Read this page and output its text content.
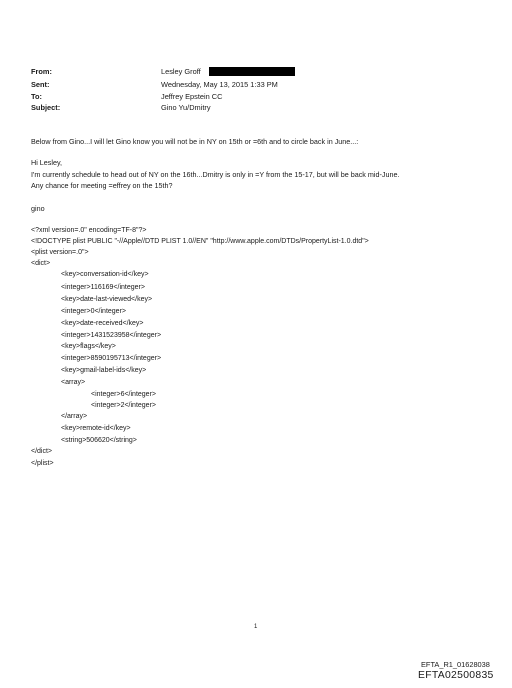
From:	Lesley Groff
Sent:	Wednesday, May 13, 2015 1:33 PM
To:	Jeffrey Epstein CC
Subject:	Gino Yu/Dmitry
Below from Gino...I will let Gino know you will not be in NY on 15th or =6th and to circle back in June...:
Hi Lesley,
I'm currently schedule to head out of NY on the 16th...Dmitry is only in =Y from the 15-17, but will be back mid-June.
Any chance for meeting =effrey on the 15th?
gino
<?xml version=.0" encoding=TF-8"?>
<!DOCTYPE plist PUBLIC "-//Apple//DTD PLIST 1.0//EN" "http://www.apple.com/DTDs/PropertyList-1.0.dtd">
<plist version=.0">
<dict>
<key>conversation-id</key>
<integer>116169</integer>
<key>date-last-viewed</key>
<integer>0</integer>
<key>date-received</key>
<integer>1431523958</integer>
<key>flags</key>
<integer>8590195713</integer>
<key>gmail-label-ids</key>
<array>
<integer>6</integer>
<integer>2</integer>
</array>
<key>remote-id</key>
<string>506620</string>
</dict>
</plist>
1
EFTA_R1_01628038
EFTA02500835
